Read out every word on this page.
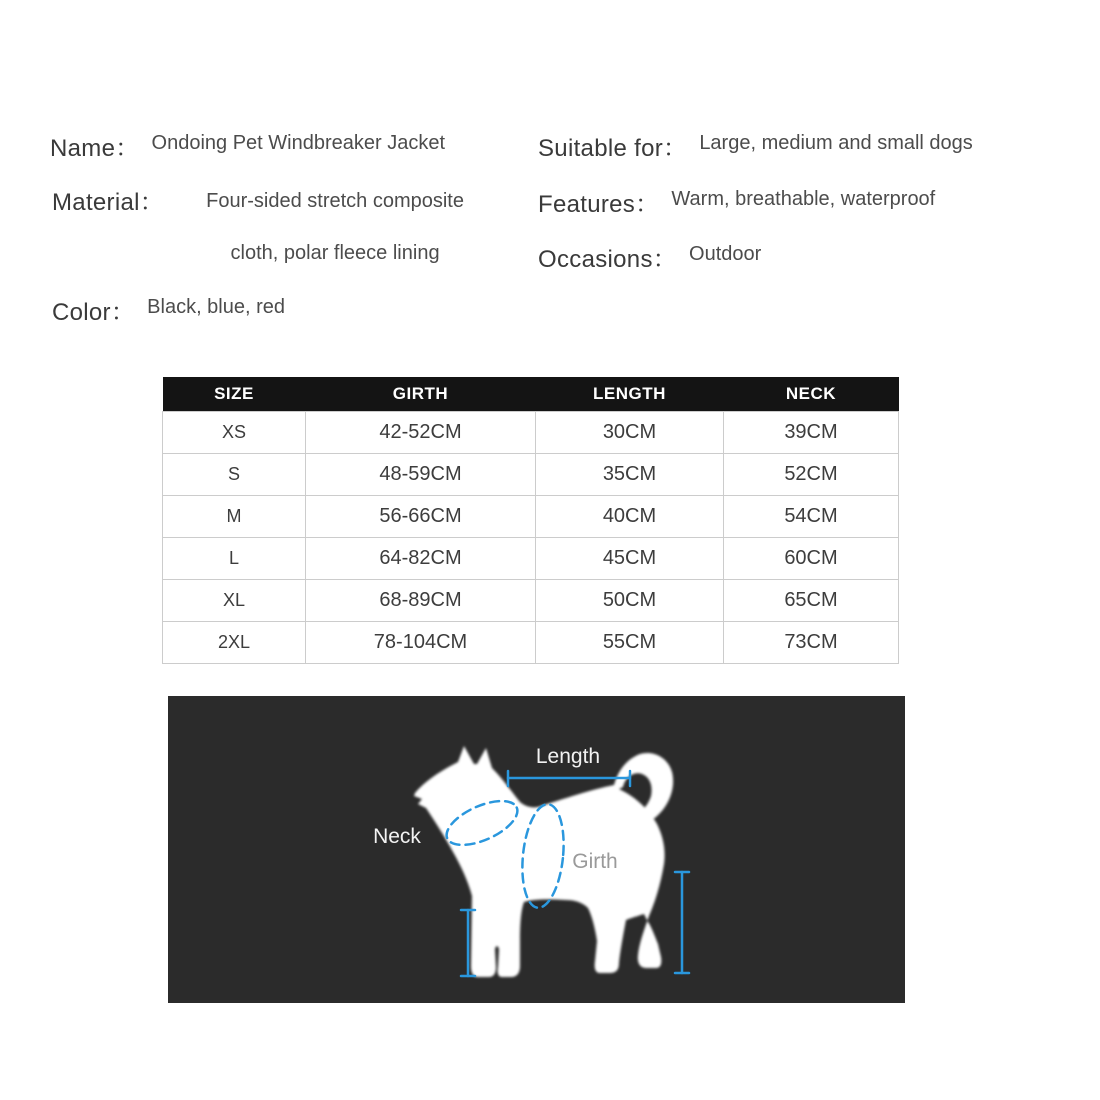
Name： Ondoing Pet Windbreaker Jacket
Material：	Four-sided stretch composite
cloth, polar fleece lining
Color： Black, blue, red
Suitable for： Large, medium and small dogs
Features： Warm, breathable, waterproof
Occasions： Outdoor
SIZE	GIRTH	LENGTH	NECK
XS	42-52CM	30CM	39CM
S	48-59CM	35CM	52CM
M	56-66CM	40CM	54CM
L	64-82CM	45CM	60CM
XL	68-89CM	50CM	65CM
2XL	78-104CM	55CM	73CM
Length
Neck
Girth
